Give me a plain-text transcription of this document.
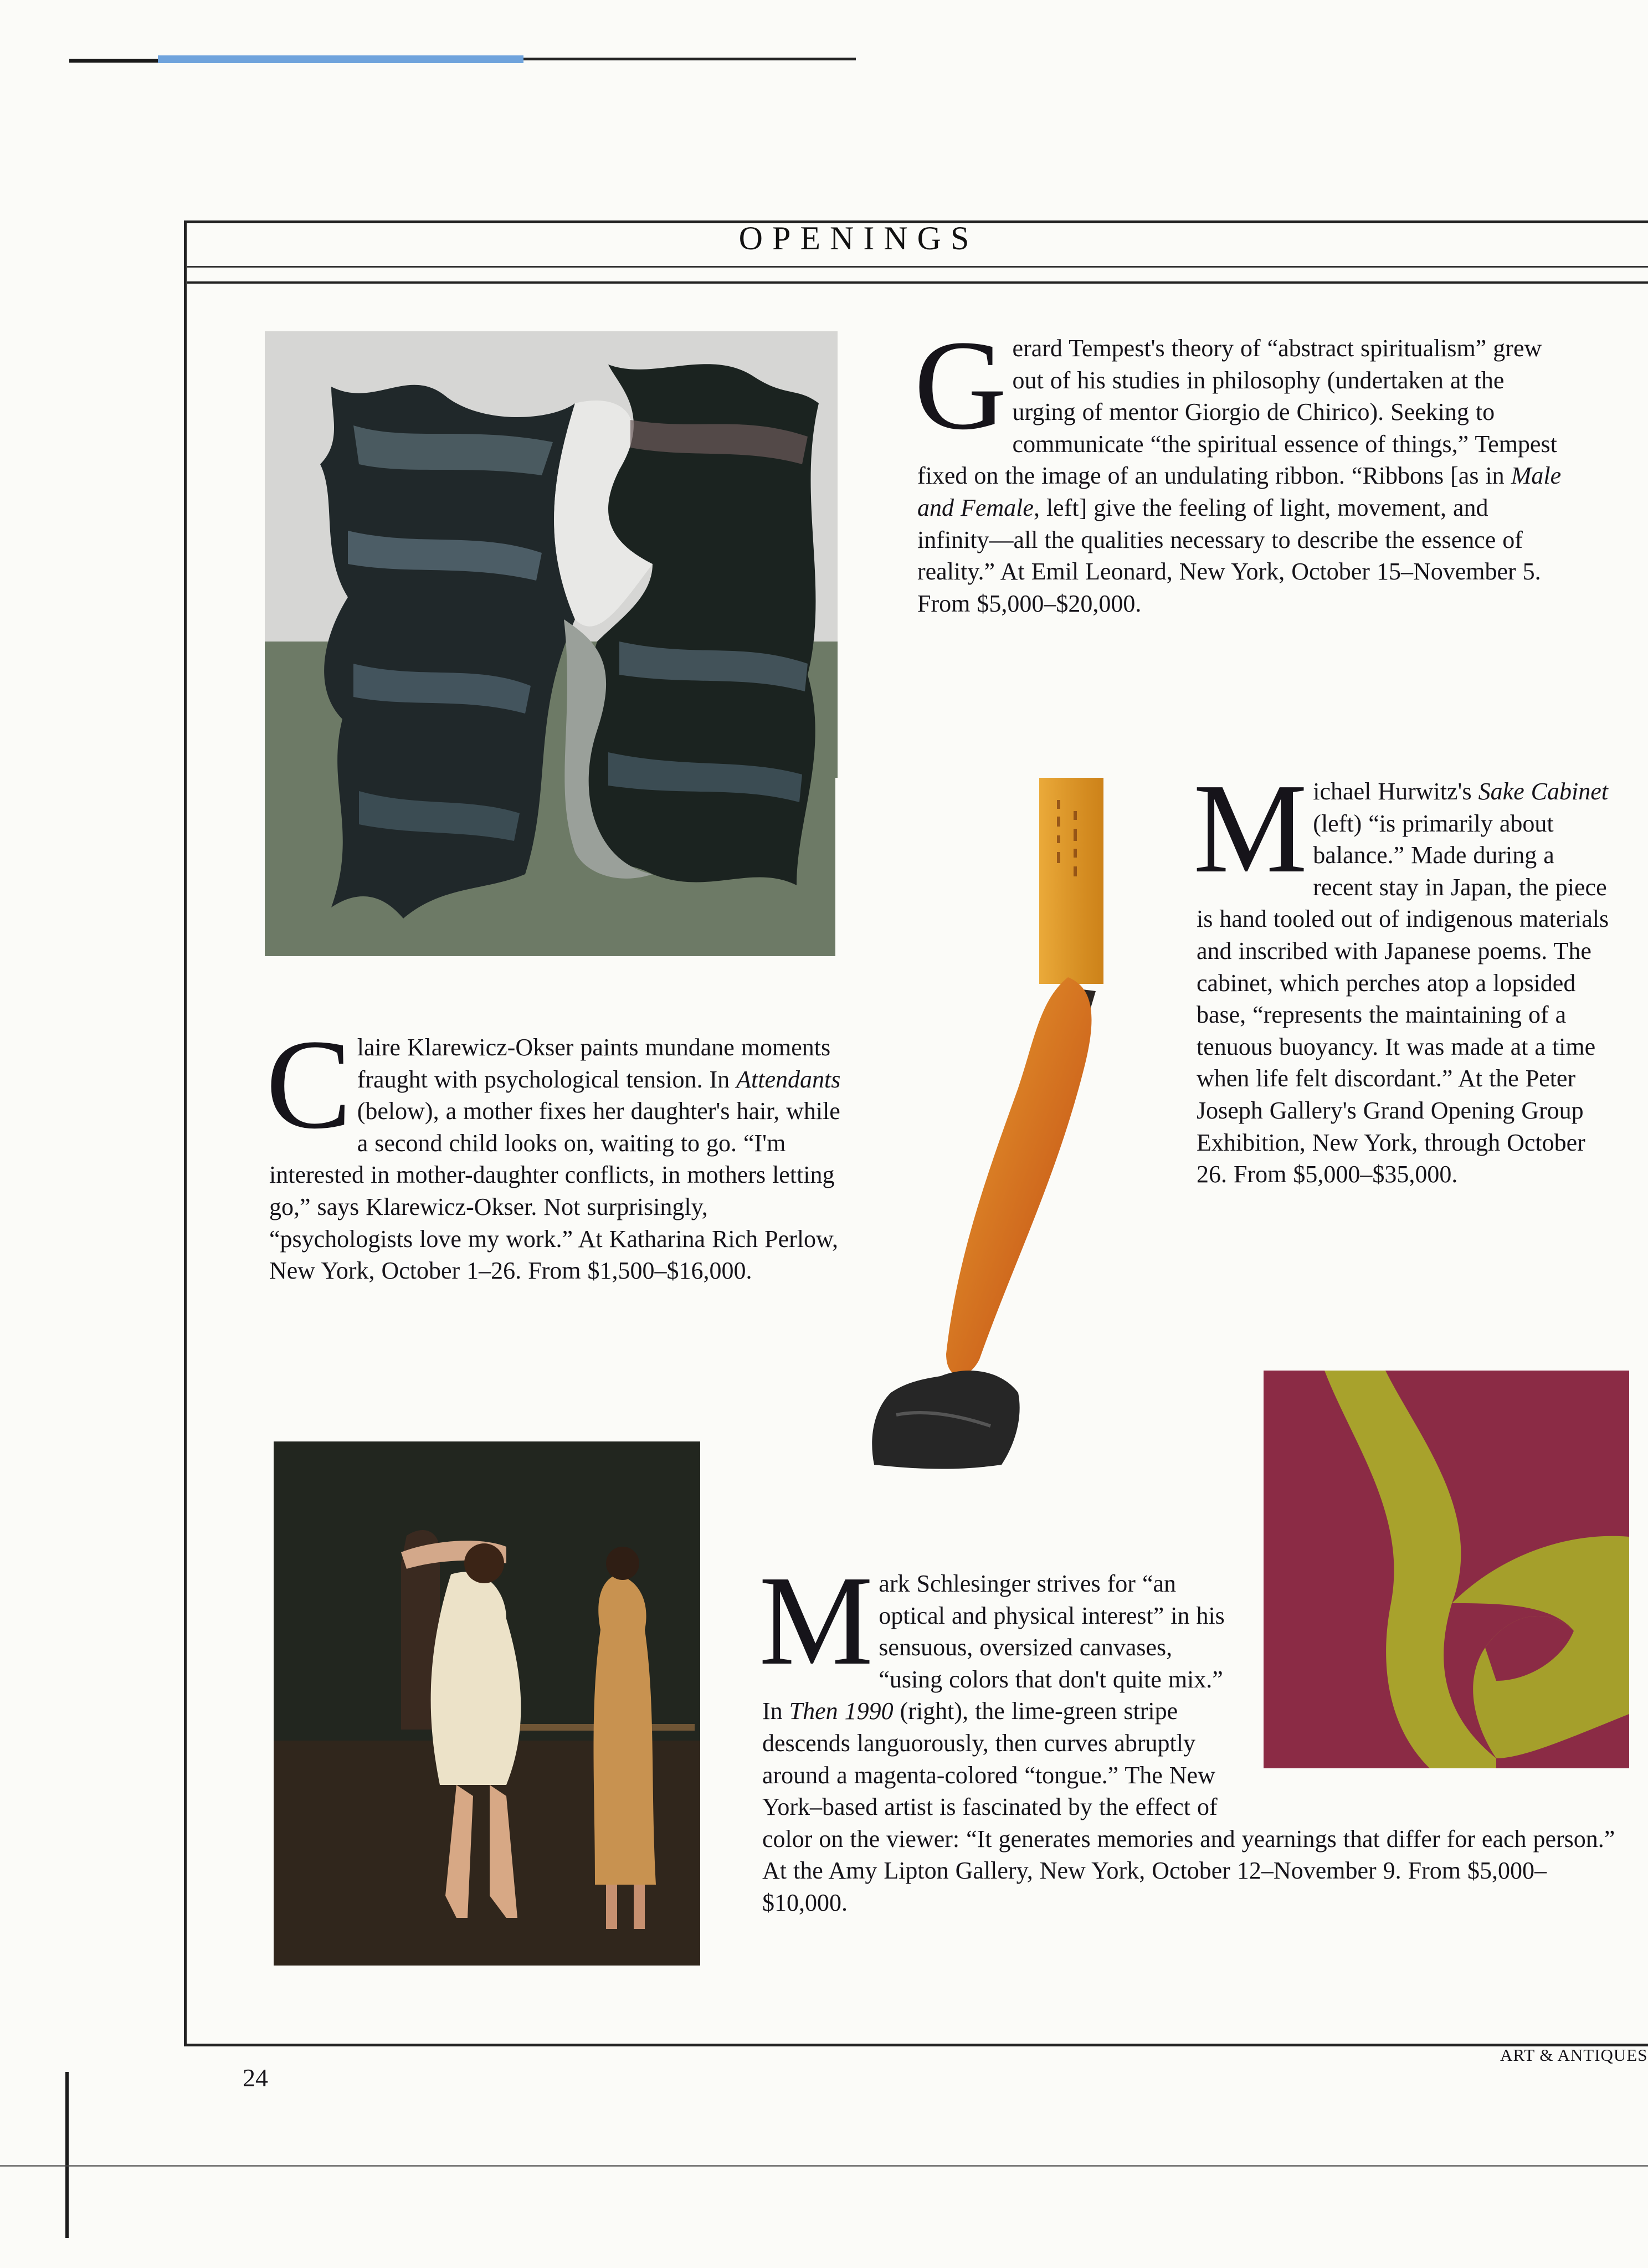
OPENINGS
Gerard Tempest's theory of “abstract spiritualism” grew out of his studies in philosophy (undertaken at the urging of mentor Giorgio de Chirico). Seeking to communicate “the spiritual essence of things,” Tempest fixed on the image of an undulating ribbon. “Ribbons [as in Male and Female, left] give the feeling of light, movement, and infinity—all the qualities necessary to describe the essence of reality.” At Emil Leonard, New York, October 15–November 5. From $5,000–$20,000.
Michael Hurwitz's Sake Cabinet (left) “is primarily about balance.” Made during a recent stay in Japan, the piece is hand tooled out of indigenous materials and inscribed with Japanese poems. The cabinet, which perches atop a lopsided base, “represents the maintaining of a tenuous buoyancy. It was made at a time when life felt discordant.” At the Peter Joseph Gallery's Grand Opening Group Exhibition, New York, through October 26. From $5,000–$35,000.
Claire Klarewicz-Okser paints mundane moments fraught with psychological tension. In Attendants (below), a mother fixes her daughter's hair, while a second child looks on, waiting to go. “I'm interested in mother-daughter conflicts, in mothers letting go,” says Klarewicz-Okser. Not surprisingly, “psychologists love my work.” At Katharina Rich Perlow, New York, October 1–26. From $1,500–$16,000.
Mark Schlesinger strives for “an optical and physical interest” in his sensuous, oversized canvases, “using colors that don't quite mix.” In Then 1990 (right), the lime-green stripe descends languorously, then curves abruptly around a magenta-colored “tongue.” The New York–based artist is fascinated by the effect of color on the viewer: “It generates memories and yearnings that differ for each person.” At the Amy Lipton Gallery, New York, October 12–November 9. From $5,000–$10,000.
24
ART & ANTIQUES
